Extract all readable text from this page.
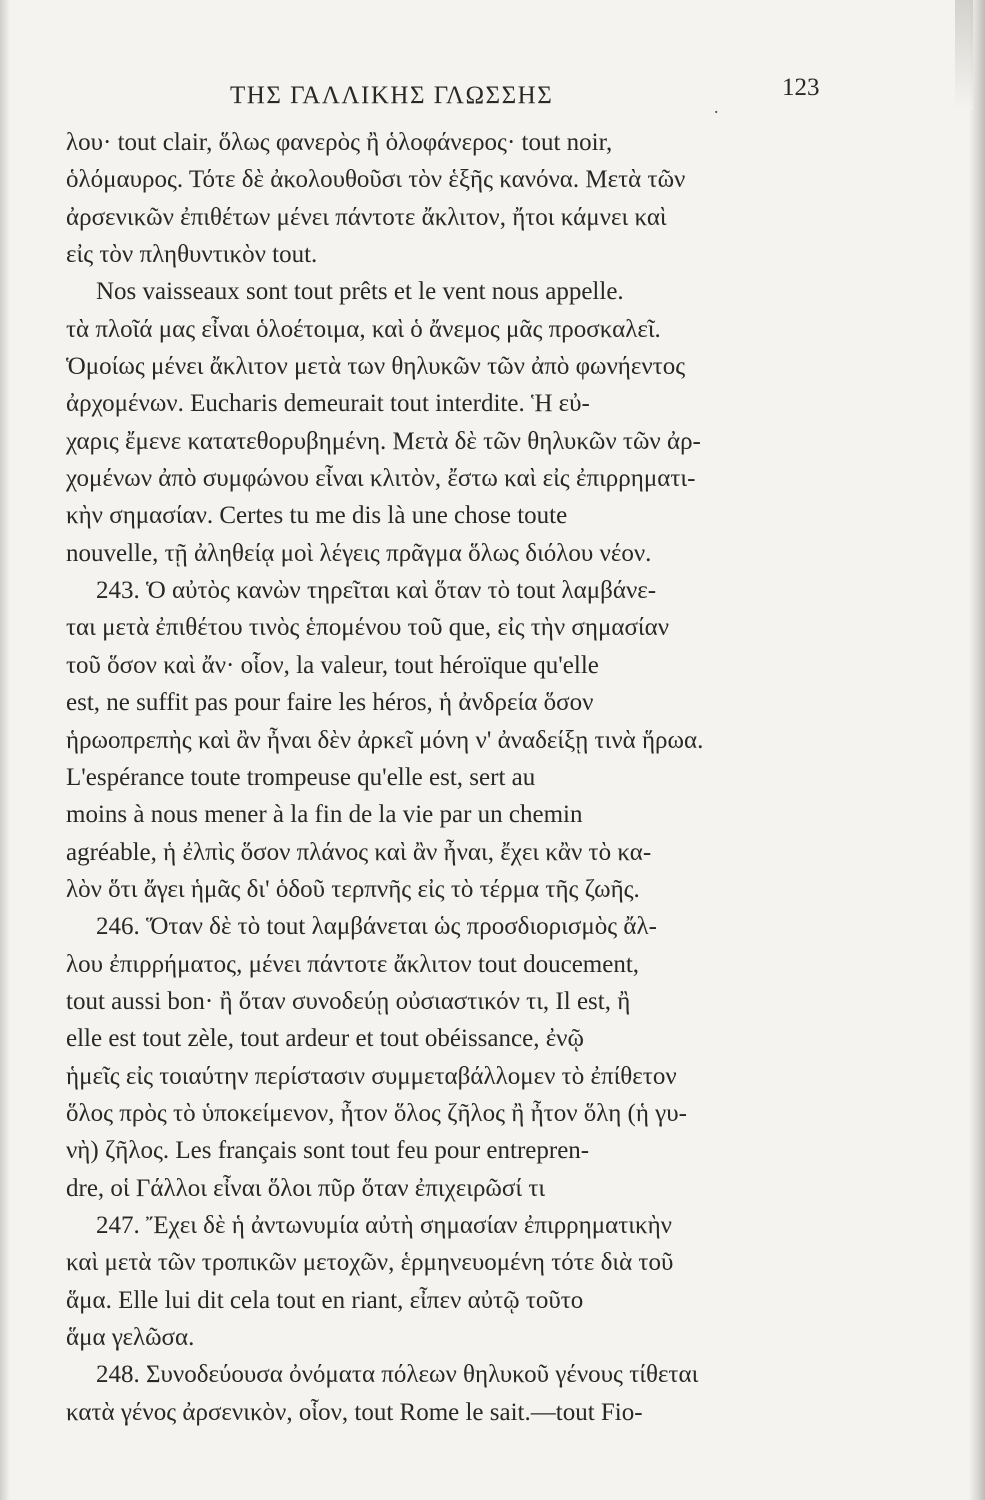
ΤΗΣ ΓΑΛΛΙΚΗΣ ΓΛΩΣΣΗΣ	.
123
λου· tout clair, ὅλως φανερὸς ἢ ὁλοφάνερος· tout noir,
ὁλόμαυρος. Τότε δὲ ἀκολουθοῦσι τὸν ἑξῆς κανόνα. Μετὰ τῶν
ἀρσενικῶν ἐπιθέτων μένει πάντοτε ἄκλιτον, ἤτοι κάμνει καὶ
εἰς τὸν πληθυντικὸν tout.
Nos vaisseaux sont tout prêts et le vent nous appelle.
τὰ πλοῖά μας εἶναι ὁλοέτοιμα, καὶ ὁ ἄνεμος μᾶς προσκαλεῖ.
Ὁμοίως μένει ἄκλιτον μετὰ των θηλυκῶν τῶν ἀπὸ φωνήεντος
ἀρχομένων. Eucharis demeurait tout interdite. Ἡ εὐ-
χαρις ἔμενε κατατεθορυβημένη. Μετὰ δὲ τῶν θηλυκῶν τῶν ἀρ-
χομένων ἀπὸ συμφώνου εἶναι κλιτὸν, ἔστω καὶ εἰς ἐπιρρηματι-
κὴν σημασίαν. Certes tu me dis là une chose toute
nouvelle, τῇ ἀληθείᾳ μοὶ λέγεις πρᾶγμα ὅλως διόλου νέον.
243. Ὁ αὐτὸς κανὼν τηρεῖται καὶ ὅταν τὸ tout λαμβάνε-
ται μετὰ ἐπιθέτου τινὸς ἑπομένου τοῦ que, εἰς τὴν σημασίαν
τοῦ ὅσον καὶ ἄν· οἷον, la valeur, tout héroïque qu'elle
est, ne suffit pas pour faire les héros, ἡ ἀνδρεία ὅσον
ἡρωοπρεπὴς καὶ ἂν ἦναι δὲν ἀρκεῖ μόνη ν' ἀναδείξῃ τινὰ ἥρωα.
L'espérance toute trompeuse qu'elle est, sert au
moins à nous mener à la fin de la vie par un chemin
agréable, ἡ ἐλπὶς ὅσον πλάνος καὶ ἂν ἦναι, ἔχει κἂν τὸ κα-
λὸν ὅτι ἄγει ἡμᾶς δι' ὁδοῦ τερπνῆς εἰς τὸ τέρμα τῆς ζωῆς.
246. Ὅταν δὲ τὸ tout λαμβάνεται ὡς προσδιορισμὸς ἄλ-
λου ἐπιρρήματος, μένει πάντοτε ἄκλιτον tout doucement,
tout aussi bon· ἢ ὅταν συνοδεύῃ οὐσιαστικόν τι, Il est, ἢ
elle est tout zèle, tout ardeur et tout obéissance, ἐνῷ
ἡμεῖς εἰς τοιαύτην περίστασιν συμμεταβάλλομεν τὸ ἐπίθετον
ὅλος πρὸς τὸ ὑποκείμενον, ἦτον ὅλος ζῆλος ἢ ἦτον ὅλη (ἡ γυ-
νὴ) ζῆλος. Les français sont tout feu pour entrepren-
dre, οἱ Γάλλοι εἶναι ὅλοι πῦρ ὅταν ἐπιχειρῶσί τι
247. Ἔχει δὲ ἡ ἀντωνυμία αὐτὴ σημασίαν ἐπιρρηματικὴν
καὶ μετὰ τῶν τροπικῶν μετοχῶν, ἑρμηνευομένη τότε διὰ τοῦ
ἅμα. Elle lui dit cela tout en riant, εἶπεν αὐτῷ τοῦτο
ἅμα γελῶσα.
248. Συνοδεύουσα ὀνόματα πόλεων θηλυκοῦ γένους τίθεται
κατὰ γένος ἀρσενικὸν, οἷον, tout Rome le sait.—tout Fio-
